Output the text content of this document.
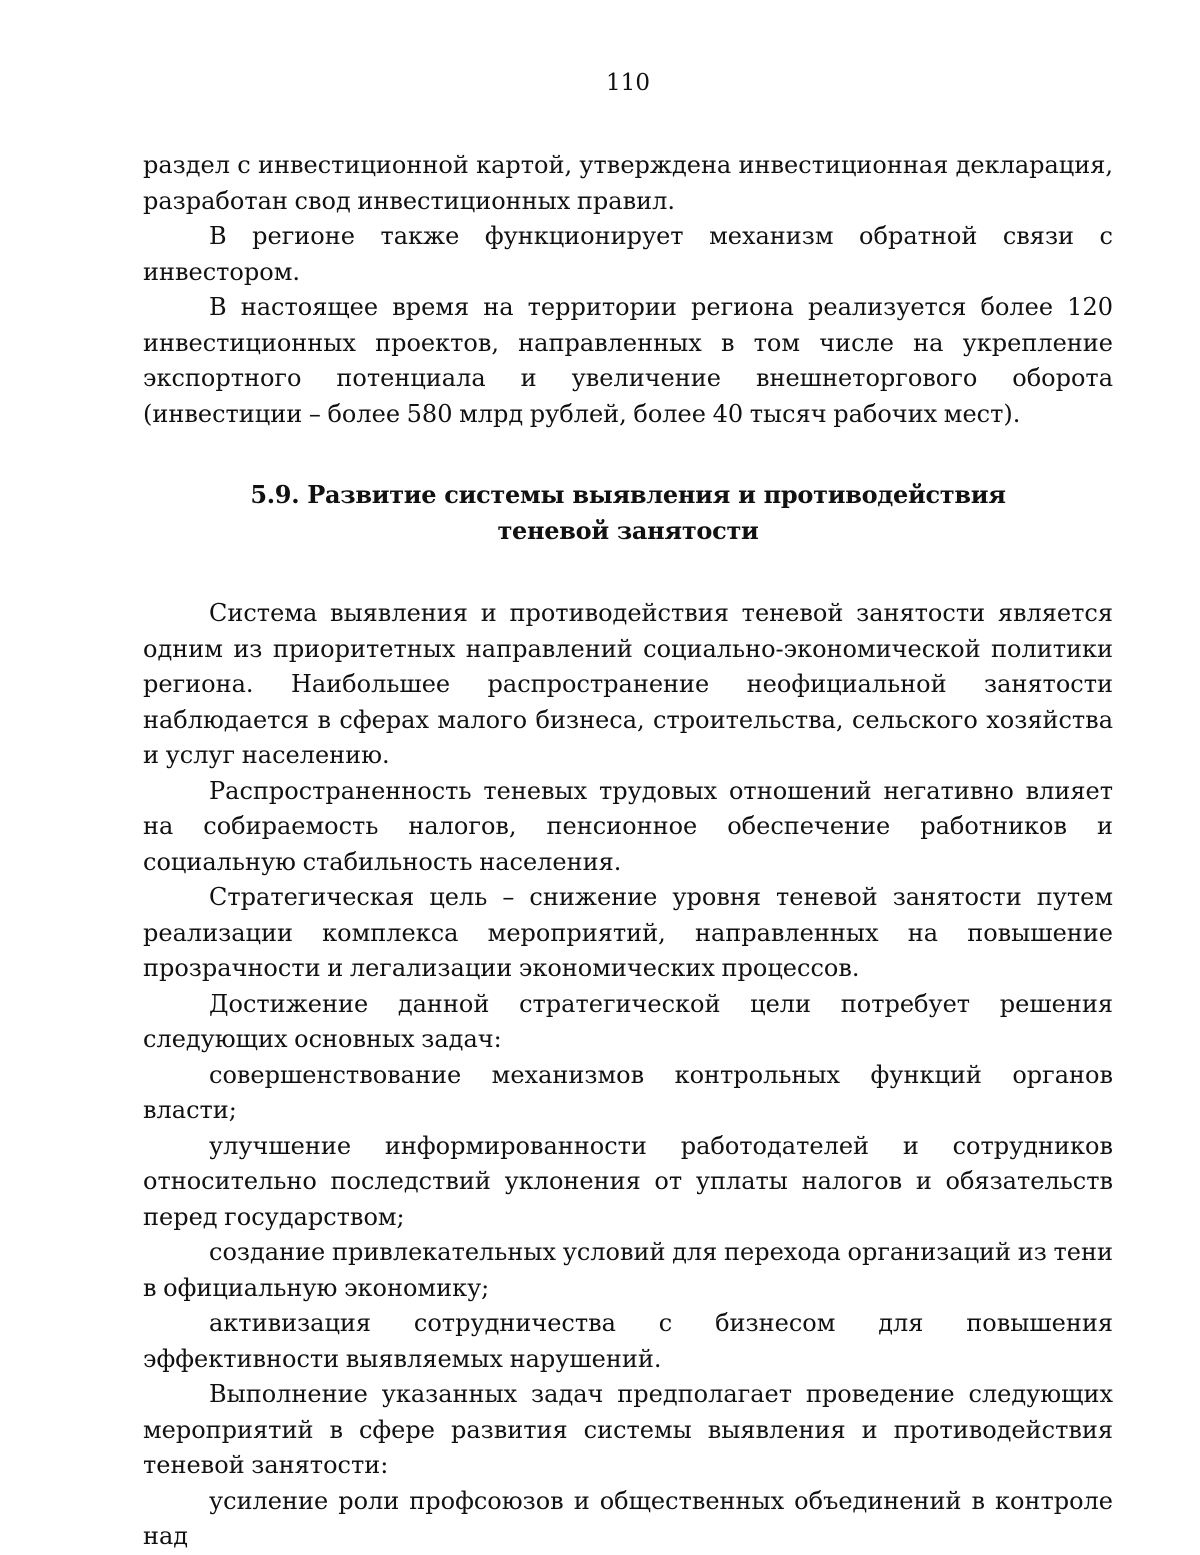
110

раздел с инвестиционной картой, утверждена инвестиционная декларация, разработан свод инвестиционных правил.

В регионе также функционирует механизм обратной связи с инвестором.

В настоящее время на территории региона реализуется более 120 инвестиционных проектов, направленных в том числе на укрепление экспортного потенциала и увеличение внешнеторгового оборота (инвестиции – более 580 млрд рублей, более 40 тысяч рабочих мест).

5.9. Развитие системы выявления и противодействия
теневой занятости

Система выявления и противодействия теневой занятости является одним из приоритетных направлений социально-экономической политики региона. Наибольшее распространение неофициальной занятости наблюдается в сферах малого бизнеса, строительства, сельского хозяйства и услуг населению.

Распространенность теневых трудовых отношений негативно влияет на собираемость налогов, пенсионное обеспечение работников и социальную стабильность населения.

Стратегическая цель – снижение уровня теневой занятости путем реализации комплекса мероприятий, направленных на повышение прозрачности и легализации экономических процессов.

Достижение данной стратегической цели потребует решения следующих основных задач:

совершенствование механизмов контрольных функций органов власти;

улучшение информированности работодателей и сотрудников относительно последствий уклонения от уплаты налогов и обязательств перед государством;

создание привлекательных условий для перехода организаций из тени в официальную экономику;

активизация сотрудничества с бизнесом для повышения эффективности выявляемых нарушений.

Выполнение указанных задач предполагает проведение следующих мероприятий в сфере развития системы выявления и противодействия теневой занятости:

усиление роли профсоюзов и общественных объединений в контроле над
